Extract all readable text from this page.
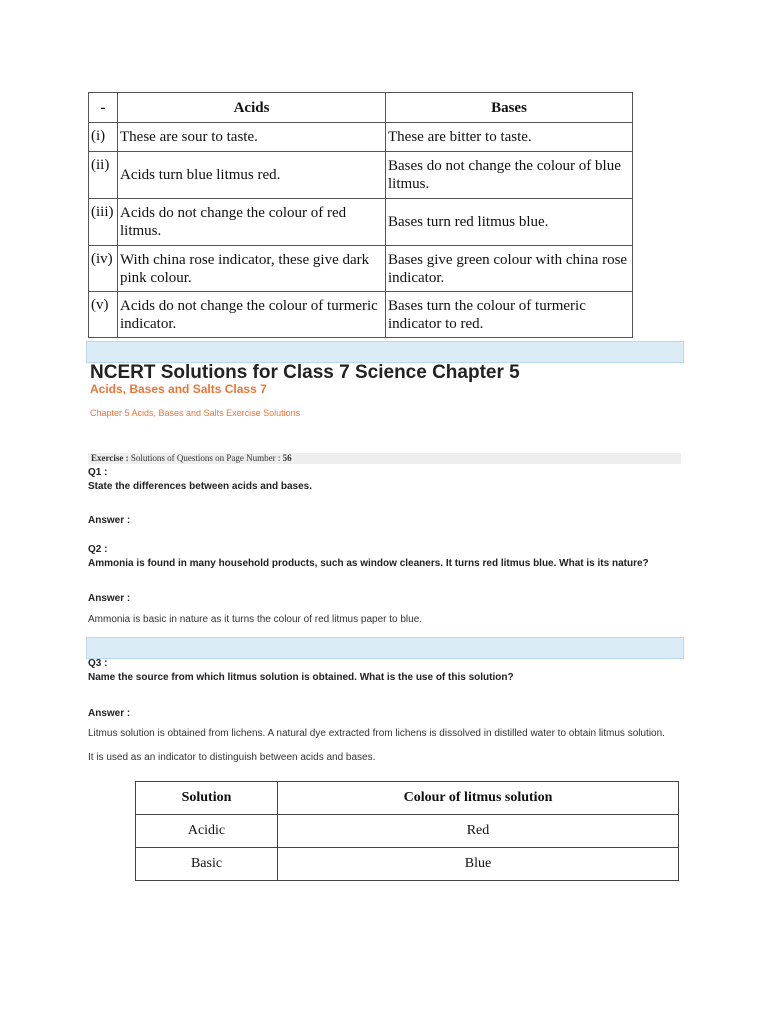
-	Acids	Bases
(i)	These are sour to taste.	These are bitter to taste.
(ii)	Acids turn blue litmus red.	Bases do not change the colour of blue litmus.
(iii)	Acids do not change the colour of red litmus.	Bases turn red litmus blue.
(iv)	With china rose indicator, these give dark pink colour.	Bases give green colour with china rose indicator.
(v)	Acids do not change the colour of turmeric indicator.	Bases turn the colour of turmeric indicator to red.
NCERT Solutions for Class 7 Science Chapter 5
Acids, Bases and Salts Class 7
Chapter 5 Acids, Bases and Salts Exercise Solutions
Exercise : Solutions of Questions on Page Number : 56
Q1 :
State the differences between acids and bases.
Answer :
Q2 :
Ammonia is found in many household products, such as window cleaners. It turns red litmus blue. What is its nature?
Answer :
Ammonia is basic in nature as it turns the colour of red litmus paper to blue.
Q3 :
Name the source from which litmus solution is obtained. What is the use of this solution?
Answer :
Litmus solution is obtained from lichens. A natural dye extracted from lichens is dissolved in distilled water to obtain litmus solution.
It is used as an indicator to distinguish between acids and bases.
Solution	Colour of litmus solution
Acidic	Red
Basic	Blue
